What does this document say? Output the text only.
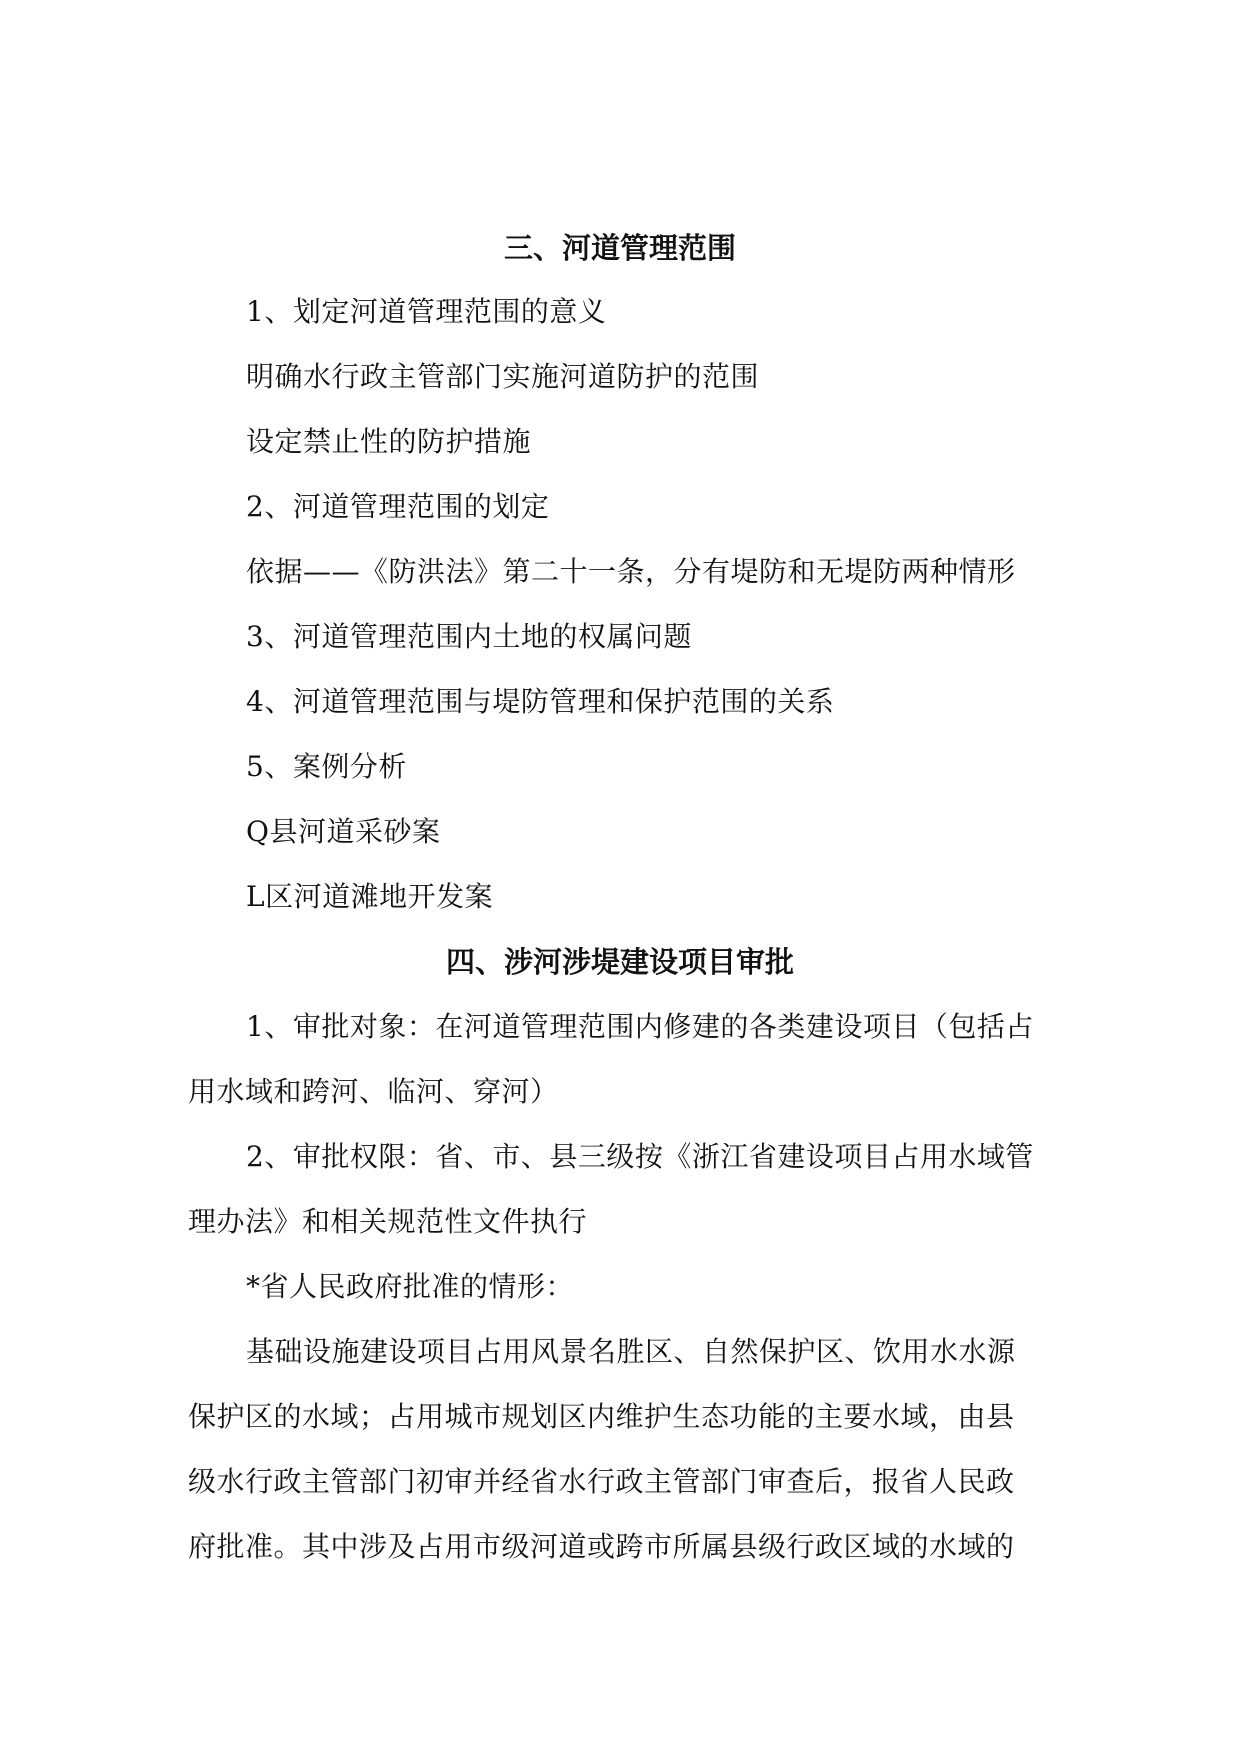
三、河道管理范围
1、划定河道管理范围的意义
明确水行政主管部门实施河道防护的范围
设定禁止性的防护措施
2、河道管理范围的划定
依据——《防洪法》第二十一条，分有堤防和无堤防两种情形
3、河道管理范围内土地的权属问题
4、河道管理范围与堤防管理和保护范围的关系
5、案例分析
Q县河道采砂案
L区河道滩地开发案
四、涉河涉堤建设项目审批
1、审批对象：在河道管理范围内修建的各类建设项目（包括占
用水域和跨河、临河、穿河）
2、审批权限：省、市、县三级按《浙江省建设项目占用水域管
理办法》和相关规范性文件执行
*省人民政府批准的情形：
基础设施建设项目占用风景名胜区、自然保护区、饮用水水源
保护区的水域；占用城市规划区内维护生态功能的主要水域，由县
级水行政主管部门初审并经省水行政主管部门审查后，报省人民政
府批准。其中涉及占用市级河道或跨市所属县级行政区域的水域的
